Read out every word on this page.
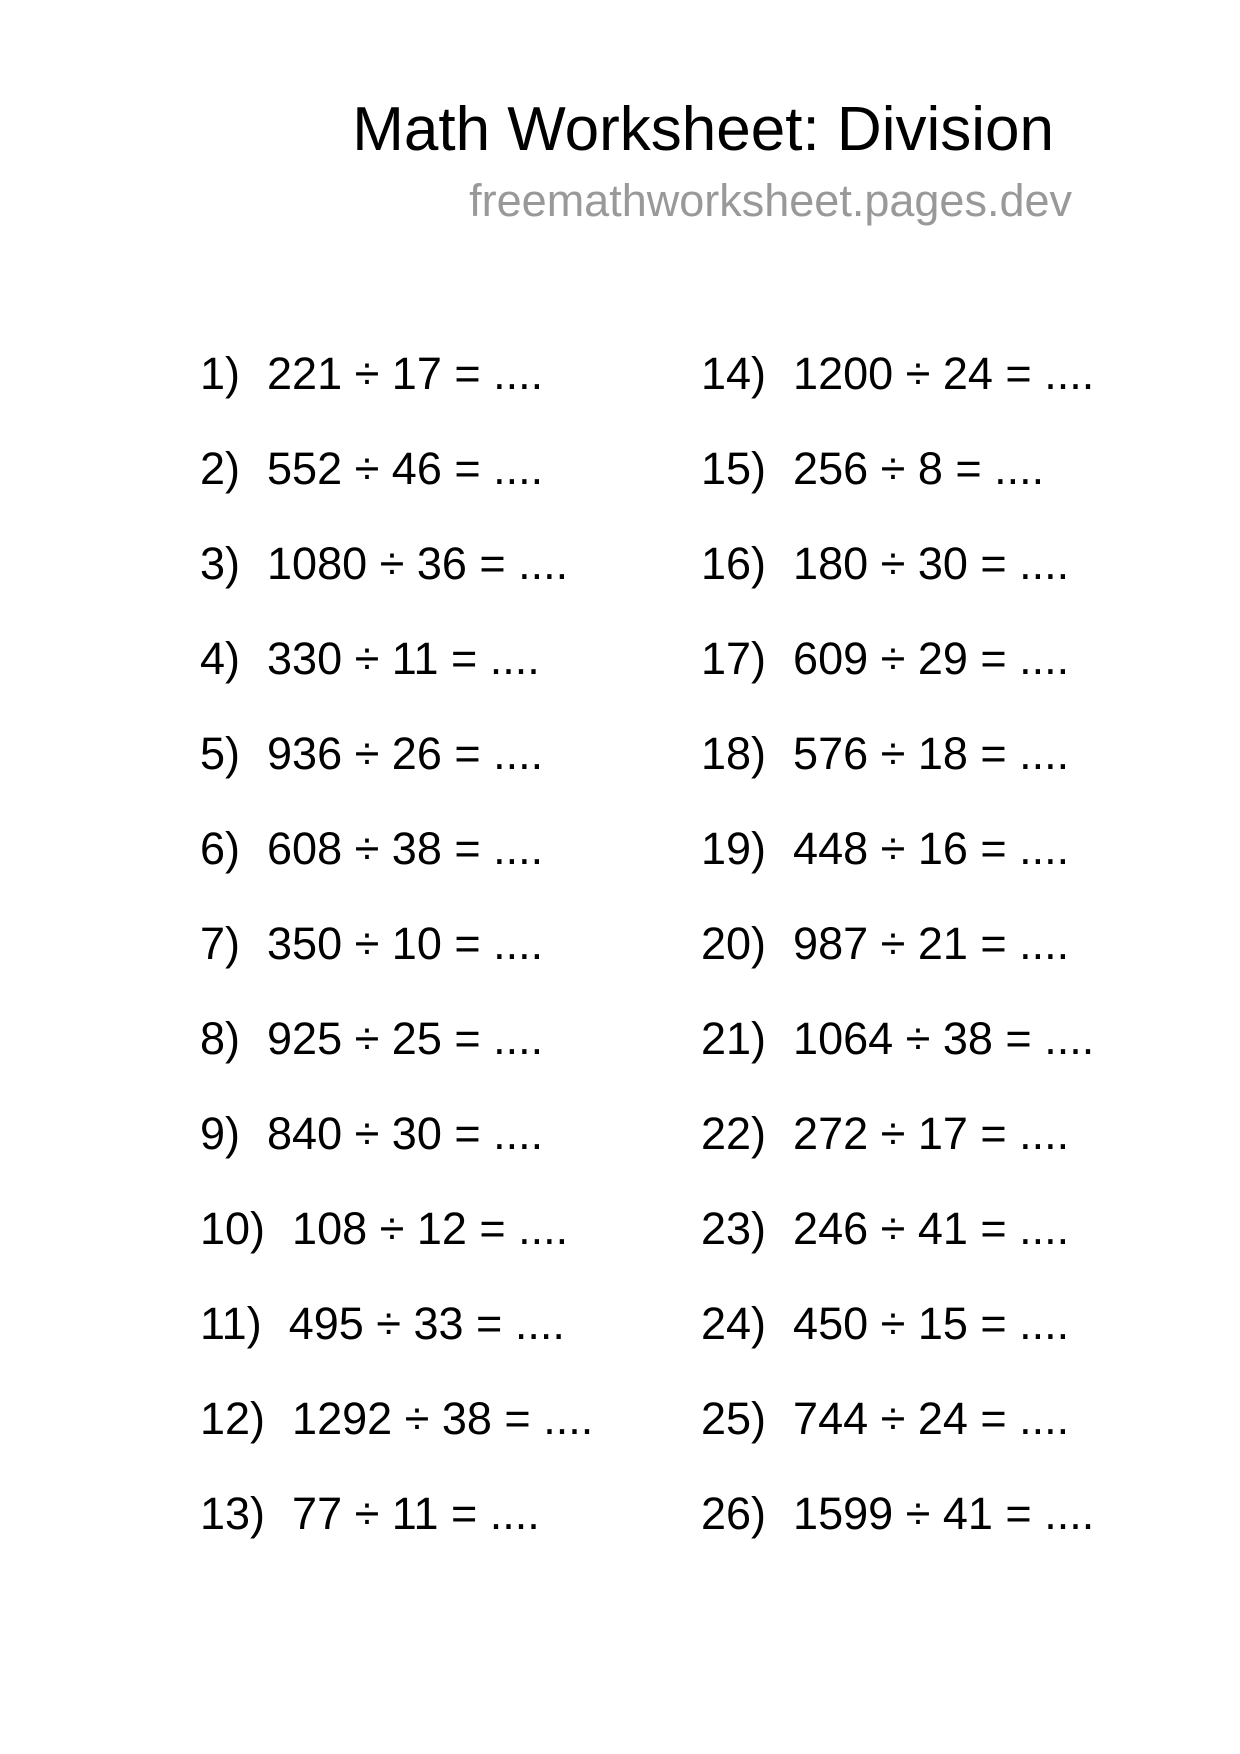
Math Worksheet: Division
freemathworksheet.pages.dev
1) 221 ÷ 17 = ....
2) 552 ÷ 46 = ....
3) 1080 ÷ 36 = ....
4) 330 ÷ 11 = ....
5) 936 ÷ 26 = ....
6) 608 ÷ 38 = ....
7) 350 ÷ 10 = ....
8) 925 ÷ 25 = ....
9) 840 ÷ 30 = ....
10) 108 ÷ 12 = ....
11) 495 ÷ 33 = ....
12) 1292 ÷ 38 = ....
13) 77 ÷ 11 = ....
14) 1200 ÷ 24 = ....
15) 256 ÷ 8 = ....
16) 180 ÷ 30 = ....
17) 609 ÷ 29 = ....
18) 576 ÷ 18 = ....
19) 448 ÷ 16 = ....
20) 987 ÷ 21 = ....
21) 1064 ÷ 38 = ....
22) 272 ÷ 17 = ....
23) 246 ÷ 41 = ....
24) 450 ÷ 15 = ....
25) 744 ÷ 24 = ....
26) 1599 ÷ 41 = ....
